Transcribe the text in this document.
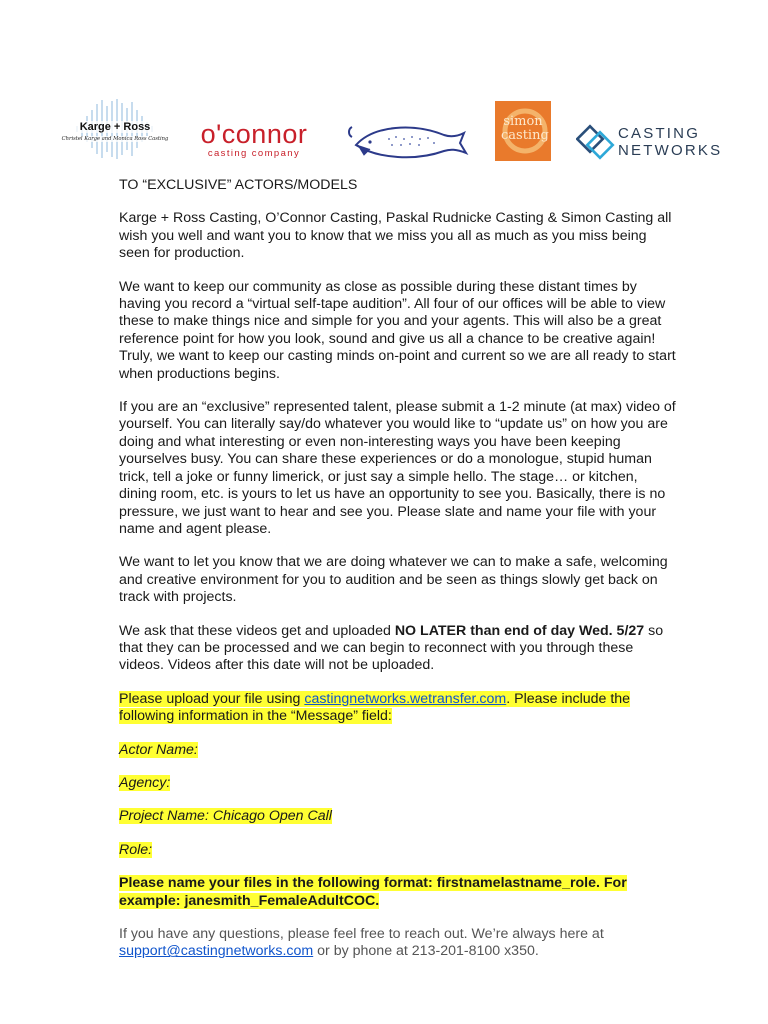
Karge + Ross
Christel Karge and Monica Ross Casting	o'connor
casting company
simon casting	CASTING
NETWORKS

TO “EXCLUSIVE” ACTORS/MODELS

Karge + Ross Casting, O’Connor Casting, Paskal Rudnicke Casting & Simon Casting all wish you well and want you to know that we miss you all as much as you miss being seen for production.

We want to keep our community as close as possible during these distant times by having you record a “virtual self-tape audition”. All four of our offices will be able to view these to make things nice and simple for you and your agents. This will also be a great reference point for how you look, sound and give us all a chance to be creative again! Truly, we want to keep our casting minds on-point and current so we are all ready to start when productions begins.

If you are an “exclusive” represented talent, please submit a 1-2 minute (at max) video of yourself. You can literally say/do whatever you would like to “update us” on how you are doing and what interesting or even non-interesting ways you have been keeping yourselves busy. You can share these experiences or do a monologue, stupid human trick, tell a joke or funny limerick, or just say a simple hello. The stage… or kitchen, dining room, etc. is yours to let us have an opportunity to see you. Basically, there is no pressure, we just want to hear and see you. Please slate and name your file with your name and agent please.

We want to let you know that we are doing whatever we can to make a safe, welcoming and creative environment for you to audition and be seen as things slowly get back on track with projects.

We ask that these videos get and uploaded NO LATER than end of day Wed. 5/27 so that they can be processed and we can begin to reconnect with you through these videos. Videos after this date will not be uploaded.

Please upload your file using castingnetworks.wetransfer.com. Please include the following information in the “Message” field:

Actor Name:

Agency:

Project Name: Chicago Open Call

Role:

Please name your files in the following format: firstnamelastname_role. For example: janesmith_FemaleAdultCOC.

If you have any questions, please feel free to reach out. We’re always here at support@castingnetworks.com or by phone at 213-201-8100 x350.
